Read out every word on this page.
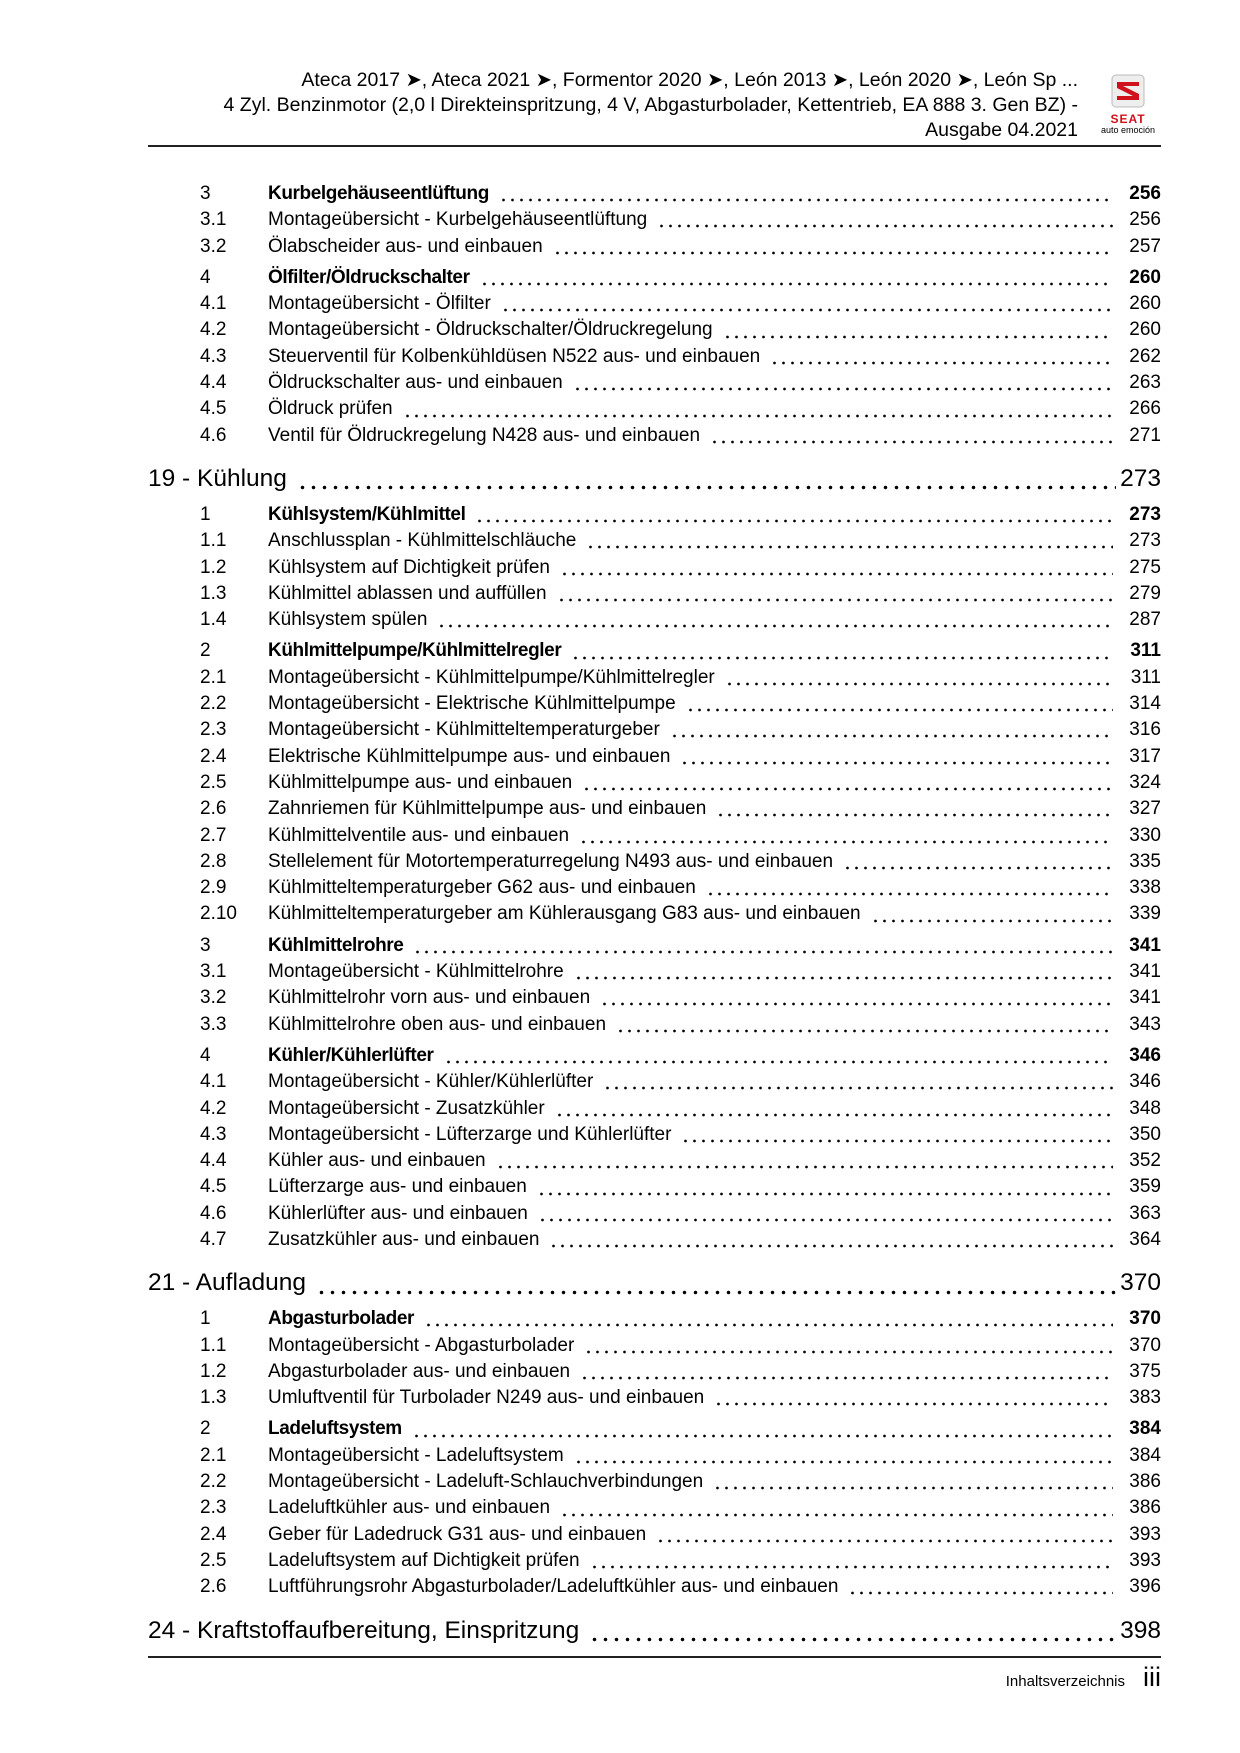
Ateca 2017 ➤, Ateca 2021 ➤, Formentor 2020 ➤, León 2013 ➤, León 2020 ➤, León Sp ...
4 Zyl. Benzinmotor (2,0 l Direkteinspritzung, 4 V, Abgasturbolader, Kettentrieb, EA 888 3. Gen BZ) -
Ausgabe 04.2021	SEAT
auto emoción
3	Kurbelgehäuseentlüftung	256
3.1	Montageübersicht - Kurbelgehäuseentlüftung	256
3.2	Ölabscheider aus- und einbauen	257
4	Ölfilter/Öldruckschalter	260
4.1	Montageübersicht - Ölfilter	260
4.2	Montageübersicht - Öldruckschalter/Öldruckregelung	260
4.3	Steuerventil für Kolbenkühldüsen N522 aus- und einbauen	262
4.4	Öldruckschalter aus- und einbauen	263
4.5	Öldruck prüfen	266
4.6	Ventil für Öldruckregelung N428 aus- und einbauen	271
19 - Kühlung	273
1	Kühlsystem/Kühlmittel	273
1.1	Anschlussplan - Kühlmittelschläuche	273
1.2	Kühlsystem auf Dichtigkeit prüfen	275
1.3	Kühlmittel ablassen und auffüllen	279
1.4	Kühlsystem spülen	287
2	Kühlmittelpumpe/Kühlmittelregler	311
2.1	Montageübersicht - Kühlmittelpumpe/Kühlmittelregler	311
2.2	Montageübersicht - Elektrische Kühlmittelpumpe	314
2.3	Montageübersicht - Kühlmitteltemperaturgeber	316
2.4	Elektrische Kühlmittelpumpe aus- und einbauen	317
2.5	Kühlmittelpumpe aus- und einbauen	324
2.6	Zahnriemen für Kühlmittelpumpe aus- und einbauen	327
2.7	Kühlmittelventile aus- und einbauen	330
2.8	Stellelement für Motortemperaturregelung N493 aus- und einbauen	335
2.9	Kühlmitteltemperaturgeber G62 aus- und einbauen	338
2.10	Kühlmitteltemperaturgeber am Kühlerausgang G83 aus- und einbauen	339
3	Kühlmittelrohre	341
3.1	Montageübersicht - Kühlmittelrohre	341
3.2	Kühlmittelrohr vorn aus- und einbauen	341
3.3	Kühlmittelrohre oben aus- und einbauen	343
4	Kühler/Kühlerlüfter	346
4.1	Montageübersicht - Kühler/Kühlerlüfter	346
4.2	Montageübersicht - Zusatzkühler	348
4.3	Montageübersicht - Lüfterzarge und Kühlerlüfter	350
4.4	Kühler aus- und einbauen	352
4.5	Lüfterzarge aus- und einbauen	359
4.6	Kühlerlüfter aus- und einbauen	363
4.7	Zusatzkühler aus- und einbauen	364
21 - Aufladung	370
1	Abgasturbolader	370
1.1	Montageübersicht - Abgasturbolader	370
1.2	Abgasturbolader aus- und einbauen	375
1.3	Umluftventil für Turbolader N249 aus- und einbauen	383
2	Ladeluftsystem	384
2.1	Montageübersicht - Ladeluftsystem	384
2.2	Montageübersicht - Ladeluft-Schlauchverbindungen	386
2.3	Ladeluftkühler aus- und einbauen	386
2.4	Geber für Ladedruck G31 aus- und einbauen	393
2.5	Ladeluftsystem auf Dichtigkeit prüfen	393
2.6	Luftführungsrohr Abgasturbolader/Ladeluftkühler aus- und einbauen	396
24 - Kraftstoffaufbereitung, Einspritzung	398
Inhaltsverzeichnis iii
